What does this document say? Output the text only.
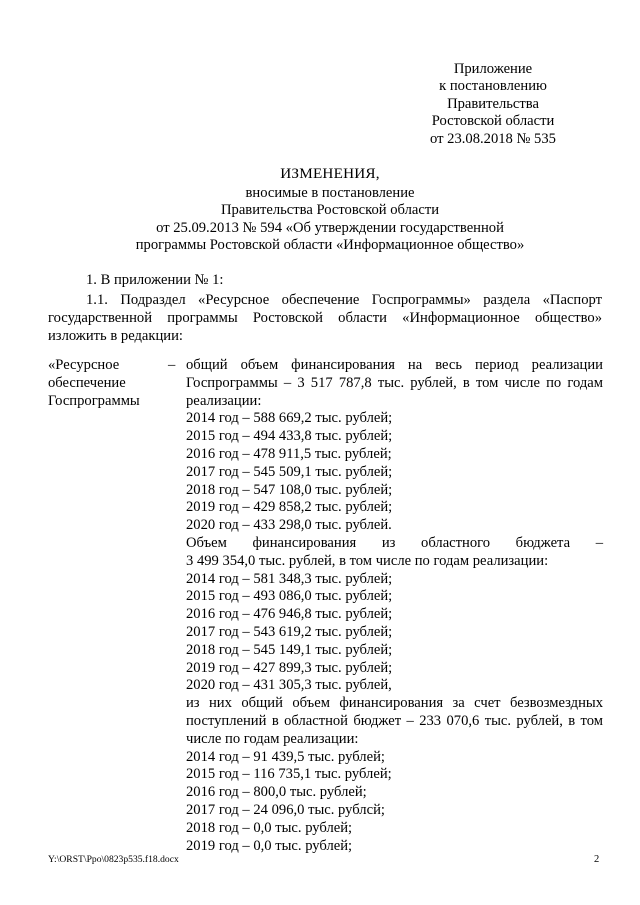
Приложение
к постановлению
Правительства
Ростовской области
от 23.08.2018 № 535
ИЗМЕНЕНИЯ,
вносимые в постановление
Правительства Ростовской области
от 25.09.2013 № 594 «Об утверждении государственной
программы Ростовской области «Информационное общество»
1. В приложении № 1:
1.1. Подраздел «Ресурсное обеспечение Госпрограммы» раздела «Паспорт государственной программы Ростовской области «Информационное общество» изложить в редакции:
«Ресурсное
обеспечение
Госпрограммы
– общий объем финансирования на весь период реализации Госпрограммы – 3 517 787,8 тыс. рублей, в том числе по годам реализации:
2014 год – 588 669,2 тыс. рублей;
2015 год – 494 433,8 тыс. рублей;
2016 год – 478 911,5 тыс. рублей;
2017 год – 545 509,1 тыс. рублей;
2018 год – 547 108,0 тыс. рублей;
2019 год – 429 858,2 тыс. рублей;
2020 год – 433 298,0 тыс. рублей.
Объем финансирования из областного бюджета –
3 499 354,0 тыс. рублей, в том числе по годам реализации:
2014 год – 581 348,3 тыс. рублей;
2015 год – 493 086,0 тыс. рублей;
2016 год – 476 946,8 тыс. рублей;
2017 год – 543 619,2 тыс. рублей;
2018 год – 545 149,1 тыс. рублей;
2019 год – 427 899,3 тыс. рублей;
2020 год – 431 305,3 тыс. рублей,
из них общий объем финансирования за счет безвозмездных поступлений в областной бюджет – 233 070,6 тыс. рублей, в том числе по годам реализации:
2014 год – 91 439,5 тыс. рублей;
2015 год – 116 735,1 тыс. рублей;
2016 год – 800,0 тыс. рублей;
2017 год – 24 096,0 тыс. рублсй;
2018 год – 0,0 тыс. рублей;
2019 год – 0,0 тыс. рублей;
Y:\ORST\Ppo\0823p535.f18.docx	2
